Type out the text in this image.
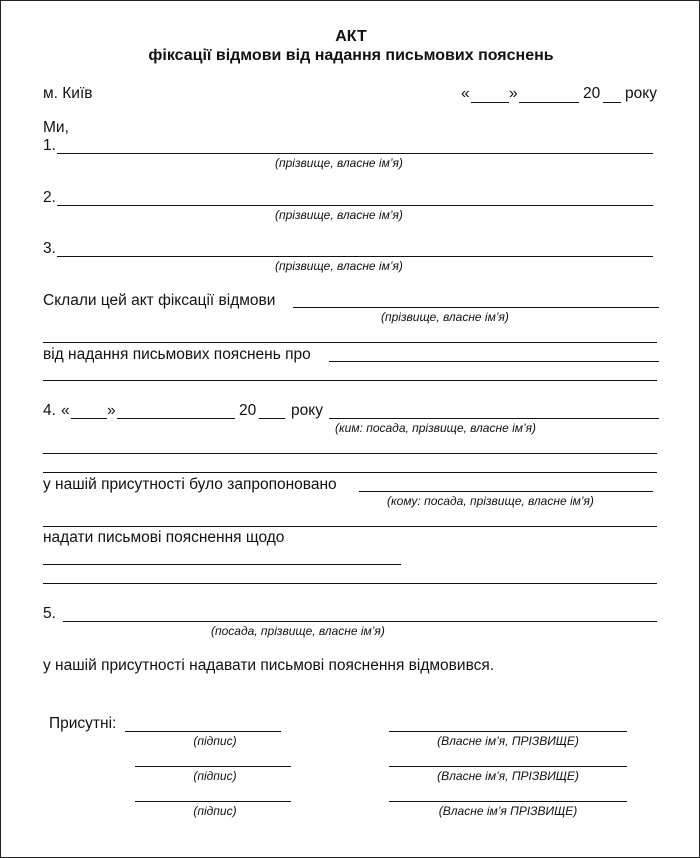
АКТ
фіксації відмови від надання письмових пояснень
м. Київ	«	»	20 року
Ми,
1.
(прізвище, власне ім’я)
2.
(прізвище, власне ім’я)
3.
(прізвище, власне ім’я)
Склали цей акт фіксації відмови
(прізвище, власне ім’я)
від надання письмових пояснень про
4. « »	20 року
(ким: посада, прізвище, власне ім’я)
у нашій присутності було запропоновано
(кому: посада, прізвище, власне ім’я)
надати письмові пояснення щодо
5.
(посада, прізвище, власне ім’я)
у нашій присутності надавати письмові пояснення відмовився.
Присутні:
(підпис)	(Власне ім’я, ПРІЗВИЩЕ)
(підпис)	(Власне ім’я, ПРІЗВИЩЕ)
(підпис)	(Власне ім’я ПРІЗВИЩЕ)
